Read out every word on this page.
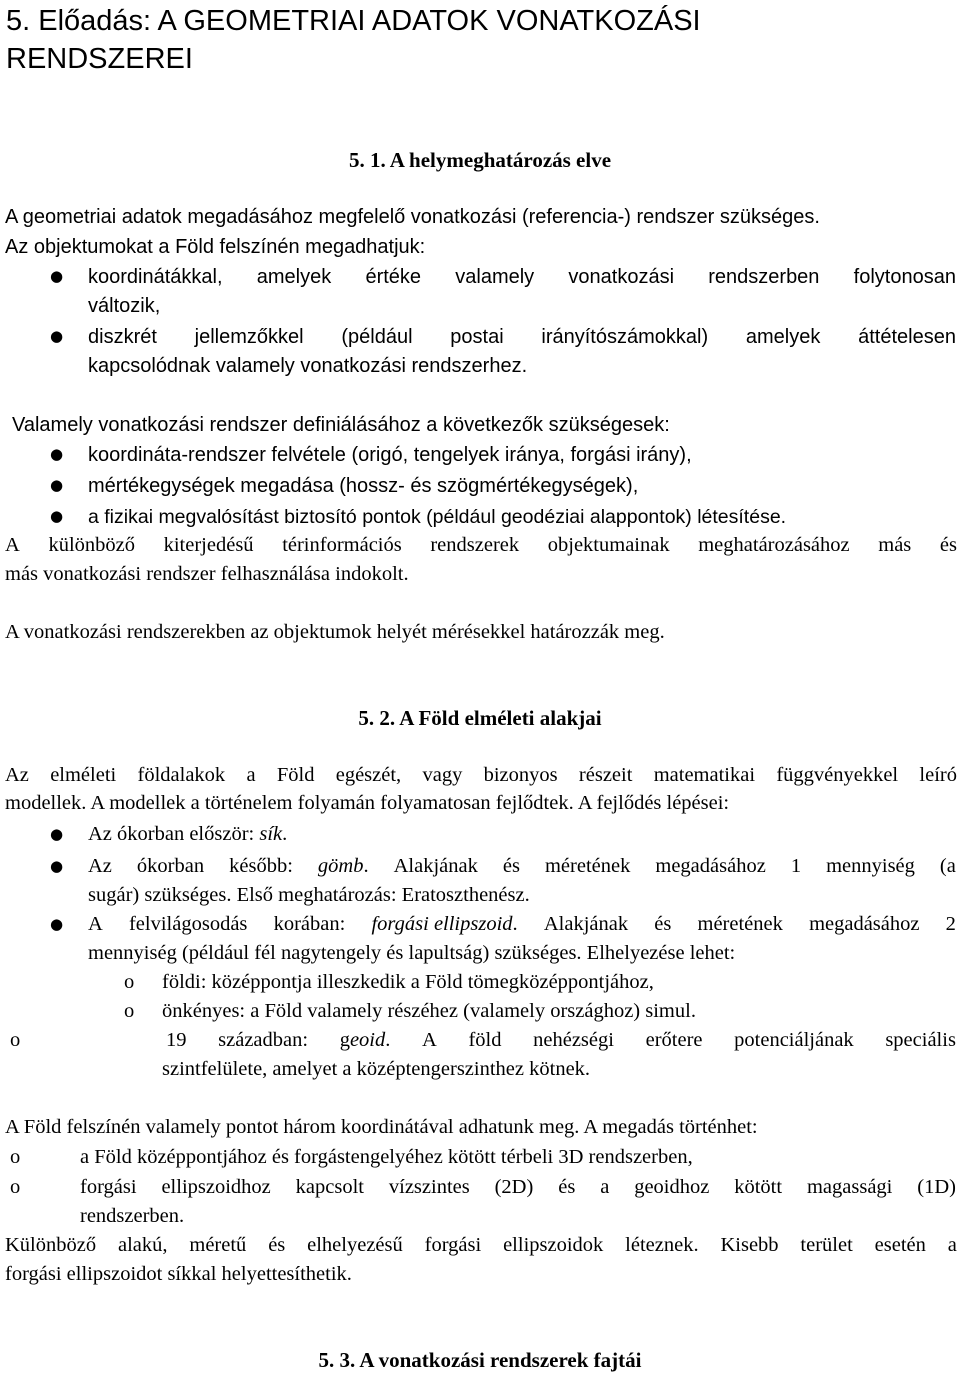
5. Előadás: A GEOMETRIAI ADATOK VONATKOZÁSI
RENDSZEREI
5. 1. A helymeghatározás elve
A geometriai adatok megadásához megfelelő vonatkozási (referencia-) rendszer szükséges.
Az objektumokat a Föld felszínén megadhatjuk:
● koordinátákkal, amelyek értéke valamely vonatkozási rendszerben folytonosan
változik,
● diszkrét jellemzőkkel (például postai irányítószámokkal) amelyek áttételesen
kapcsolódnak valamely vonatkozási rendszerhez.
Valamely vonatkozási rendszer definiálásához a következők szükségesek:
● koordináta-rendszer felvétele (origó, tengelyek iránya, forgási irány),
● mértékegységek megadása (hossz- és szögmértékegységek),
● a fizikai megvalósítást biztosító pontok (például geodéziai alappontok) létesítése.
A különböző kiterjedésű térinformációs rendszerek objektumainak meghatározásához más és
más vonatkozási rendszer felhasználása indokolt.
A vonatkozási rendszerekben az objektumok helyét mérésekkel határozzák meg.
5. 2. A Föld elméleti alakjai
Az elméleti földalakok a Föld egészét, vagy bizonyos részeit matematikai függvényekkel leíró
modellek. A modellek a történelem folyamán folyamatosan fejlődtek. A fejlődés lépései:
● Az ókorban először: sík.
● Az ókorban később: gömb. Alakjának és méretének megadásához 1 mennyiség (a
sugár) szükséges. Első meghatározás: Eratoszthenész.
● A felvilágosodás korában: forgási ellipszoid. Alakjának és méretének megadásához 2
mennyiség (például fél nagytengely és lapultság) szükséges. Elhelyezése lehet:
o földi: középpontja illeszkedik a Föld tömegközéppontjához,
o önkényes: a Föld valamely részéhez (valamely országhoz) simul.
o	19 században: geoid. A föld nehézségi erőtere potenciáljának speciális
szintfelülete, amelyet a középtengerszinthez kötnek.
A Föld felszínén valamely pontot három koordinátával adhatunk meg. A megadás történhet:
o	a Föld középpontjához és forgástengelyéhez kötött térbeli 3D rendszerben,
o	forgási ellipszoidhoz kapcsolt vízszintes (2D) és a geoidhoz kötött magassági (1D)
rendszerben.
Különböző alakú, méretű és elhelyezésű forgási ellipszoidok léteznek. Kisebb terület esetén a
forgási ellipszoidot síkkal helyettesíthetik.
5. 3. A vonatkozási rendszerek fajtái
